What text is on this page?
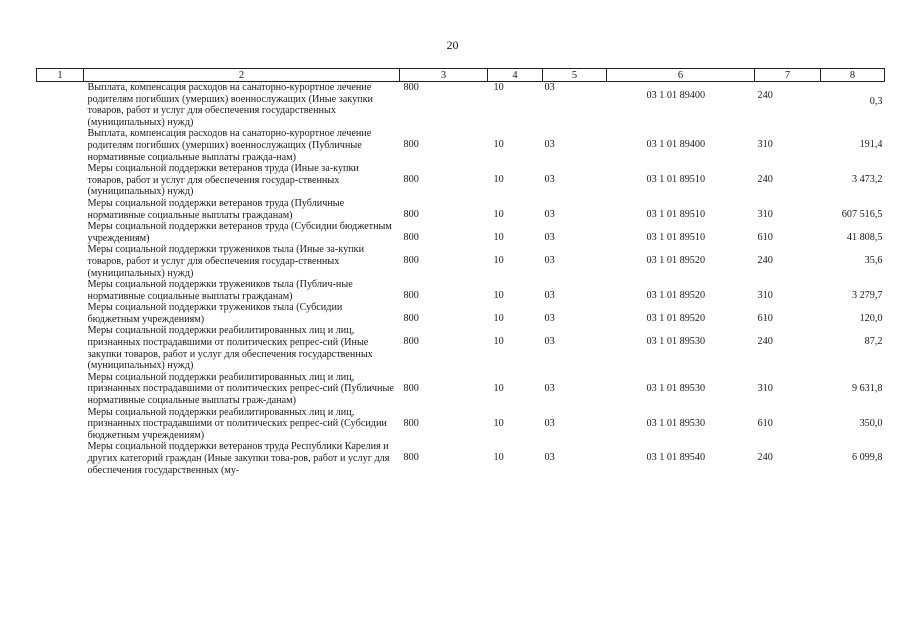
20
1	2	3	4	5	6	7	8
	Выплата, компенсация расходов на санаторно-курортное лечение родителям погибших (умерших) военнослужащих (Иные закупки товаров, работ и услуг для обеспечения государственных (муниципальных) нужд)	800	10	03	03 1 01 89400	240	0,3
	Выплата, компенсация расходов на санаторно-курортное лечение родителям погибших (умерших) военнослужащих (Публичные нормативные социальные выплаты гражда-нам)	800	10	03	03 1 01 89400	310	191,4
	Меры социальной поддержки ветеранов труда (Иные за-купки товаров, работ и услуг для обеспечения государ-ственных (муниципальных) нужд)	800	10	03	03 1 01 89510	240	3 473,2
	Меры социальной поддержки ветеранов труда (Публичные нормативные социальные выплаты гражданам)	800	10	03	03 1 01 89510	310	607 516,5
	Меры социальной поддержки ветеранов труда (Субсидии бюджетным учреждениям)	800	10	03	03 1 01 89510	610	41 808,5
	Меры социальной поддержки тружеников тыла (Иные за-купки товаров, работ и услуг для обеспечения государ-ственных (муниципальных) нужд)	800	10	03	03 1 01 89520	240	35,6
	Меры социальной поддержки тружеников тыла (Публич-ные нормативные социальные выплаты гражданам)	800	10	03	03 1 01 89520	310	3 279,7
	Меры социальной поддержки тружеников тыла (Субсидии бюджетным учреждениям)	800	10	03	03 1 01 89520	610	120,0
	Меры социальной поддержки реабилитированных лиц и лиц, признанных пострадавшими от политических репрес-сий (Иные закупки товаров, работ и услуг для обеспечения государственных (муниципальных) нужд)	800	10	03	03 1 01 89530	240	87,2
	Меры социальной поддержки реабилитированных лиц и лиц, признанных пострадавшими от политических репрес-сий (Публичные нормативные социальные выплаты граж-данам)	800	10	03	03 1 01 89530	310	9 631,8
	Меры социальной поддержки реабилитированных лиц и лиц, признанных пострадавшими от политических репрес-сий (Субсидии бюджетным учреждениям)	800	10	03	03 1 01 89530	610	350,0
	Меры социальной поддержки ветеранов труда Республики Карелия и других категорий граждан (Иные закупки това-ров, работ и услуг для обеспечения государственных (му-	800	10	03	03 1 01 89540	240	6 099,8
